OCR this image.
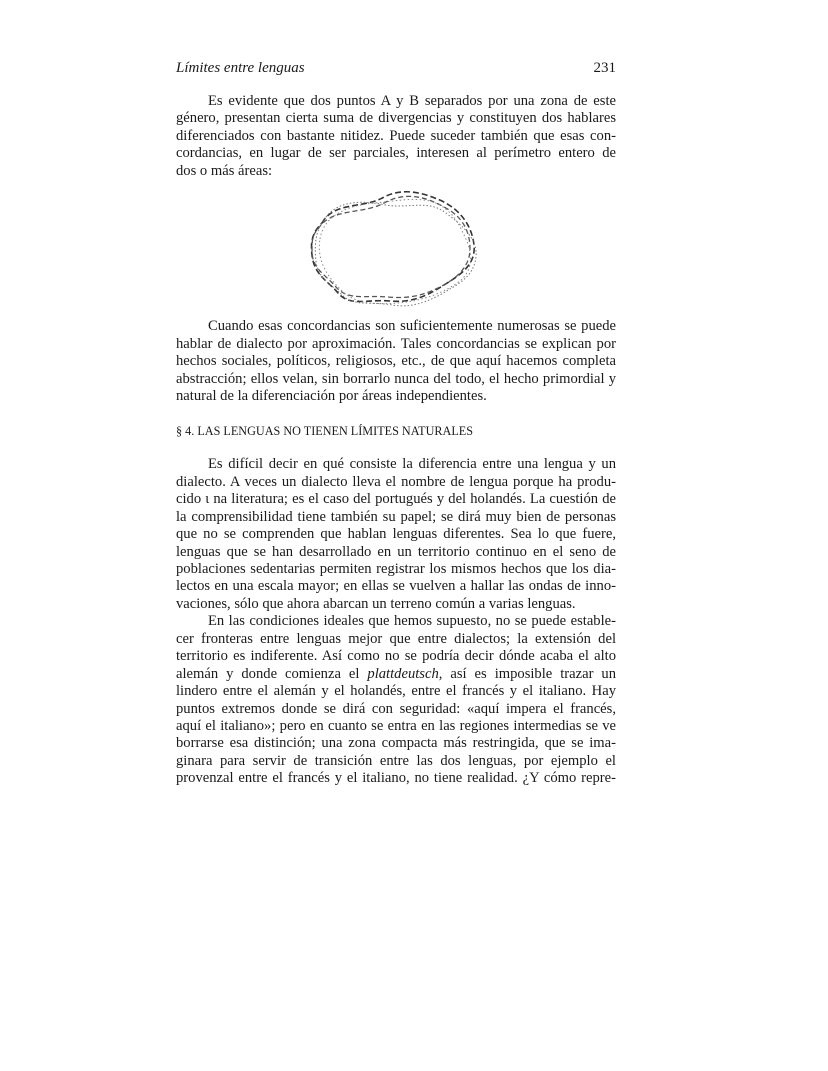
Límites entre lenguas	231
Es evidente que dos puntos A y B separados por una zona de este
género, presentan cierta suma de divergencias y constituyen dos hablares
diferenciados con bastante nitidez. Puede suceder también que esas con-
cordancias, en lugar de ser parciales, interesen al perímetro entero de
dos o más áreas:
Cuando esas concordancias son suficientemente numerosas se puede
hablar de dialecto por aproximación. Tales concordancias se explican por
hechos sociales, políticos, religiosos, etc., de que aquí hacemos completa
abstracción; ellos velan, sin borrarlo nunca del todo, el hecho primordial y
natural de la diferenciación por áreas independientes.
§ 4. LAS LENGUAS NO TIENEN LÍMITES NATURALES
Es difícil decir en qué consiste la diferencia entre una lengua y un
dialecto. A veces un dialecto lleva el nombre de lengua porque ha produ-
cido ι na literatura; es el caso del portugués y del holandés. La cuestión de
la comprensibilidad tiene también su papel; se dirá muy bien de personas
que no se comprenden que hablan lenguas diferentes. Sea lo que fuere,
lenguas que se han desarrollado en un territorio continuo en el seno de
poblaciones sedentarias permiten registrar los mismos hechos que los dia-
lectos en una escala mayor; en ellas se vuelven a hallar las ondas de inno-
vaciones, sólo que ahora abarcan un terreno común a varias lenguas.
En las condiciones ideales que hemos supuesto, no se puede estable-
cer fronteras entre lenguas mejor que entre dialectos; la extensión del
territorio es indiferente. Así como no se podría decir dónde acaba el alto
alemán y donde comienza el plattdeutsch, así es imposible trazar un
lindero entre el alemán y el holandés, entre el francés y el italiano. Hay
puntos extremos donde se dirá con seguridad: «aquí impera el francés,
aquí el italiano»; pero en cuanto se entra en las regiones intermedias se ve
borrarse esa distinción; una zona compacta más restringida, que se ima-
ginara para servir de transición entre las dos lenguas, por ejemplo el
provenzal entre el francés y el italiano, no tiene realidad. ¿Y cómo repre-
